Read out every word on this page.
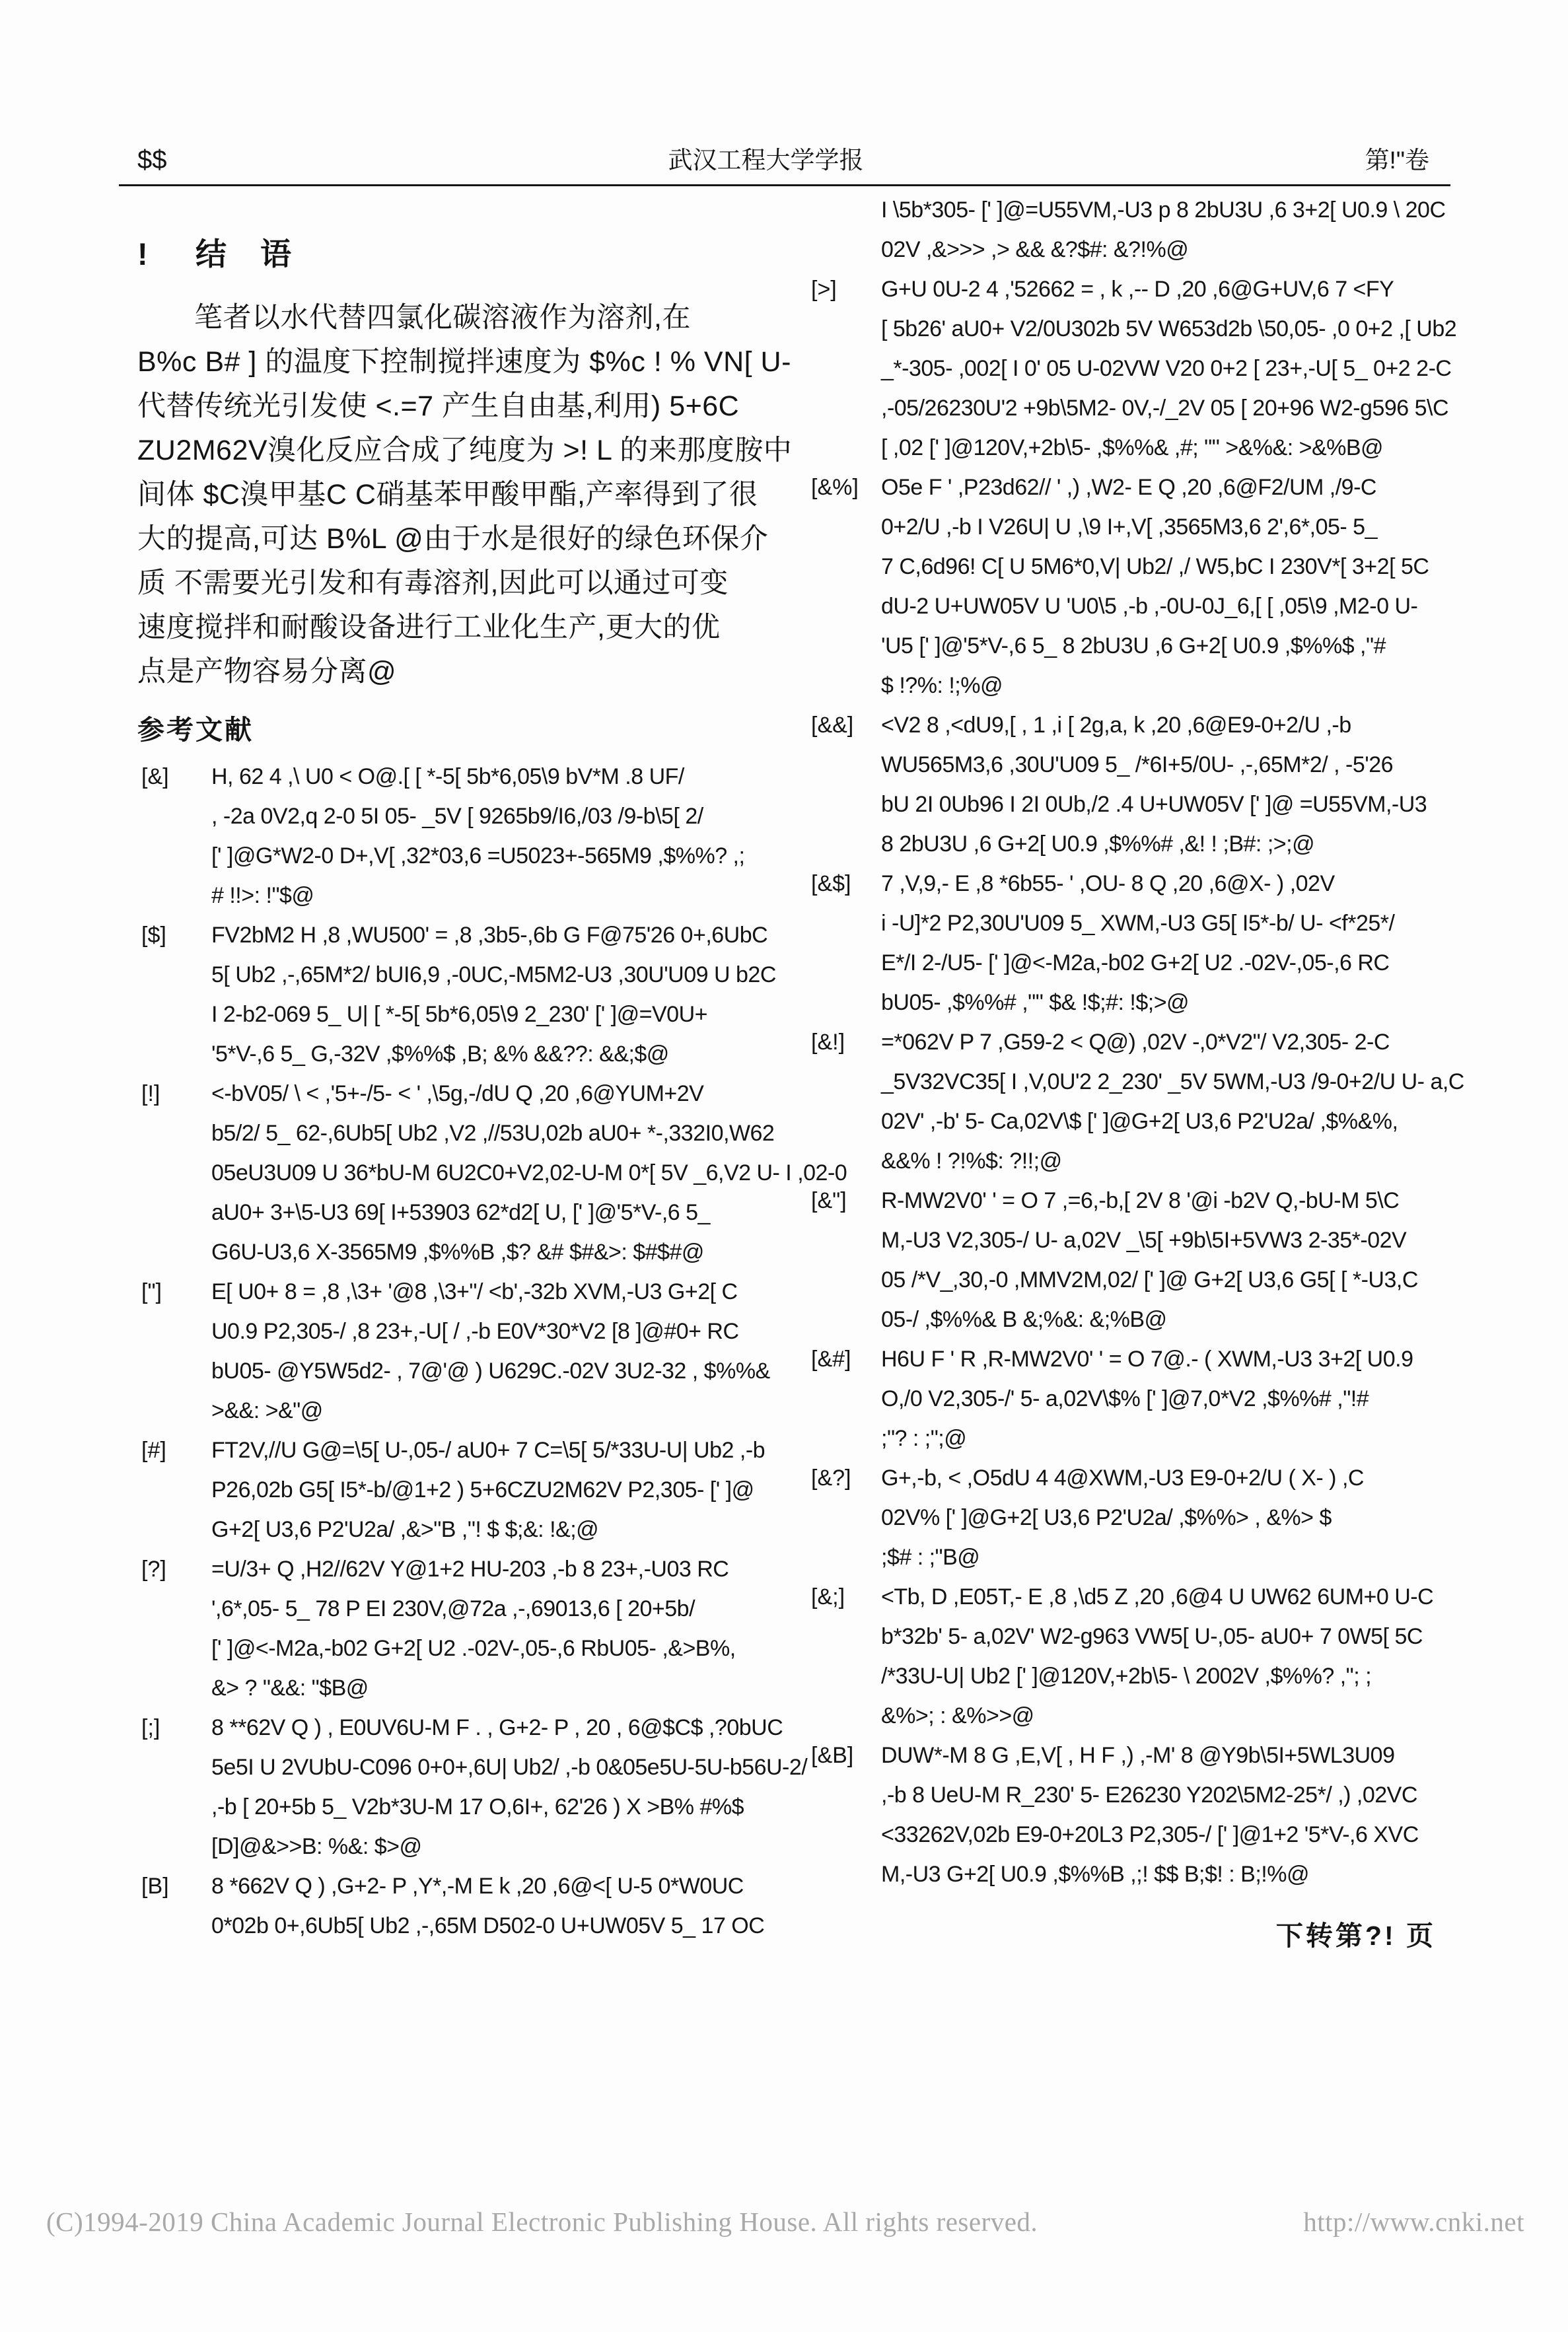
$$	武汉工程大学学报	第!"卷
! 结　语
笔者以水代替四氯化碳溶液作为溶剂,在
B%c B# ] 的温度下控制搅拌速度为 $%c ! % VN[ U-
代替传统光引发使 <.=7 产生自由基,利用) 5+6C
ZU2M62V溴化反应合成了纯度为 >! L 的来那度胺中
间体 $C溴甲基C C硝基苯甲酸甲酯,产率得到了很
大的提高,可达 B%L @由于水是很好的绿色环保介
质 不需要光引发和有毒溶剂,因此可以通过可变
速度搅拌和耐酸设备进行工业化生产,更大的优
点是产物容易分离@
参考文献
[&] H, 62 4 ,\ U0 < O@.[ [ *-5[ 5b*6,05\9 bV*M .8 UF/
, -2a 0V2,q 2-0 5I 05- _5V [ 9265b9/I6,/03 /9-b\5[ 2/
[' ]@G*W2-0 D+,V[ ,32*03,6 =U5023+-565M9 ,$%%? ,;
# !!>: !"$@
[$] FV2bM2 H ,8 ,WU500' = ,8 ,3b5-,6b G F@75'26 0+,6UbC
5[ Ub2 ,-,65M*2/ bUI6,9 ,-0UC,-M5M2-U3 ,30U'U09 U b2C
I 2-b2-069 5_ U| [ *-5[ 5b*6,05\9 2_230' [' ]@=V0U+
'5*V-,6 5_ G,-32V ,$%%$ ,B; &% &&??: &&;$@
[!] <-bV05/ \ < ,'5+-/5- < ' ,\5g,-/dU Q ,20 ,6@YUM+2V
b5/2/ 5_ 62-,6Ub5[ Ub2 ,V2 ,//53U,02b aU0+ *-,332I0,W62
05eU3U09 U 36*bU-M 6U2C0+V2,02-U-M 0*[ 5V _6,V2 U- I ,02-0
aU0+ 3+\5-U3 69[ I+53903 62*d2[ U, [' ]@'5*V-,6 5_
G6U-U3,6 X-3565M9 ,$%%B ,$? &# $#&>: $#$#@
["] E[ U0+ 8 = ,8 ,\3+ '@8 ,\3+"/ <b',-32b XVM,-U3 G+2[ C
U0.9 P2,305-/ ,8 23+,-U[ / ,-b E0V*30*V2 [8 ]@#0+ RC
bU05- @Y5W5d2- , 7@'@ ) U629C.-02V 3U2-32 , $%%&
>&&: >&"@
[#] FT2V,//U G@=\5[ U-,05-/ aU0+ 7 C=\5[ 5/*33U-U| Ub2 ,-b
P26,02b G5[ I5*-b/@1+2 ) 5+6CZU2M62V P2,305- [' ]@
G+2[ U3,6 P2'U2a/ ,&>"B ,"! $ $;&: !&;@
[?] =U/3+ Q ,H2//62V Y@1+2 HU-203 ,-b 8 23+,-U03 RC
',6*,05- 5_ 78 P EI 230V,@72a ,-,69013,6 [ 20+5b/
[' ]@<-M2a,-b02 G+2[ U2 .-02V-,05-,6 RbU05- ,&>B%,
&> ? "&&: "$B@
[;] 8 **62V Q ) , E0UV6U-M F . , G+2- P , 20 , 6@$C$ ,?0bUC
5e5I U 2VUbU-C096 0+0+,6U| Ub2/ ,-b 0&05e5U-5U-b56U-2/
,-b [ 20+5b 5_ V2b*3U-M 17 O,6I+, 62'26 ) X >B% #%$
[D]@&>>B: %&: $>@
[B] 8 *662V Q ) ,G+2- P ,Y*,-M E k ,20 ,6@<[ U-5 0*W0UC
0*02b 0+,6Ub5[ Ub2 ,-,65M D502-0 U+UW05V 5_ 17 OC
I \5b*305- [' ]@=U55VM,-U3 p 8 2bU3U ,6 3+2[ U0.9 \ 20C
02V ,&>>> ,> && &?$#: &?!%@
[>] G+U 0U-2 4 ,'52662 = , k ,-- D ,20 ,6@G+UV,6 7 <FY
[ 5b26' aU0+ V2/0U302b 5V W653d2b \50,05- ,0 0+2 ,[ Ub2
_*-305- ,002[ I 0' 05 U-02VW V20 0+2 [ 23+,-U[ 5_ 0+2 2-C
,-05/26230U'2 +9b\5M2- 0V,-/_2V 05 [ 20+96 W2-g596 5\C
[ ,02 [' ]@120V,+2b\5- ,$%%& ,#; "" >&%&: >&%B@
[&%] O5e F ' ,P23d62// ' ,) ,W2- E Q ,20 ,6@F2/UM ,/9-C
0+2/U ,-b I V26U| U ,\9 I+,V[ ,3565M3,6 2',6*,05- 5_
7 C,6d96! C[ U 5M6*0,V| Ub2/ ,/ W5,bC I 230V*[ 3+2[ 5C
dU-2 U+UW05V U 'U0\5 ,-b ,-0U-0J_6,[ [ ,05\9 ,M2-0 U-
'U5 [' ]@'5*V-,6 5_ 8 2bU3U ,6 G+2[ U0.9 ,$%%$ ,"#
$ !?%: !;%@
[&&] <V2 8 ,<dU9,[ , 1 ,i [ 2g,a, k ,20 ,6@E9-0+2/U ,-b
WU565M3,6 ,30U'U09 5_ /*6I+5/0U- ,-,65M*2/ , -5'26
bU 2I 0Ub96 I 2I 0Ub,/2 .4 U+UW05V [' ]@ =U55VM,-U3
8 2bU3U ,6 G+2[ U0.9 ,$%%# ,&! ! ;B#: ;>;@
[&$] 7 ,V,9,- E ,8 *6b55- ' ,OU- 8 Q ,20 ,6@X- ) ,02V
i -U]*2 P2,30U'U09 5_ XWM,-U3 G5[ I5*-b/ U- <f*25*/
E*/I 2-/U5- [' ]@<-M2a,-b02 G+2[ U2 .-02V-,05-,6 RC
bU05- ,$%%# ,"" $& !$;#: !$;>@
[&!] =*062V P 7 ,G59-2 < Q@) ,02V -,0*V2"/ V2,305- 2-C
_5V32VC35[ I ,V,0U'2 2_230' _5V 5WM,-U3 /9-0+2/U U- a,C
02V' ,-b' 5- Ca,02V\$ [' ]@G+2[ U3,6 P2'U2a/ ,$%&%,
&&% ! ?!%$: ?!!;@
[&"] R-MW2V0' ' = O 7 ,=6,-b,[ 2V 8 '@i -b2V Q,-bU-M 5\C
M,-U3 V2,305-/ U- a,02V _\5[ +9b\5I+5VW3 2-35*-02V
05 /*V_,30,-0 ,MMV2M,02/ [' ]@ G+2[ U3,6 G5[ [ *-U3,C
05-/ ,$%%& B &;%&: &;%B@
[&#] H6U F ' R ,R-MW2V0' ' = O 7@.- ( XWM,-U3 3+2[ U0.9
O,/0 V2,305-/' 5- a,02V\$% [' ]@7,0*V2 ,$%%# ,"!#
;"? : ;";@
[&?] G+,-b, < ,O5dU 4 4@XWM,-U3 E9-0+2/U ( X- ) ,C
02V% [' ]@G+2[ U3,6 P2'U2a/ ,$%%> , &%> $
;$# : ;"B@
[&;] <Tb, D ,E05T,- E ,8 ,\d5 Z ,20 ,6@4 U UW62 6UM+0 U-C
b*32b' 5- a,02V' W2-g963 VW5[ U-,05- aU0+ 7 0W5[ 5C
/*33U-U| Ub2 [' ]@120V,+2b\5- \ 2002V ,$%%? ,"; ;
&%>; : &%>>@
[&B] DUW*-M 8 G ,E,V[ , H F ,) ,-M' 8 @Y9b\5I+5WL3U09
,-b 8 UeU-M R_230' 5- E26230 Y202\5M2-25*/ ,) ,02VC
<33262V,02b E9-0+20L3 P2,305-/ [' ]@1+2 '5*V-,6 XVC
M,-U3 G+2[ U0.9 ,$%%B ,;! $$ B;$! : B;!%@
下转第?! 页
(C)1994-2019 China Academic Journal Electronic Publishing House. All rights reserved.	http://www.cnki.net
